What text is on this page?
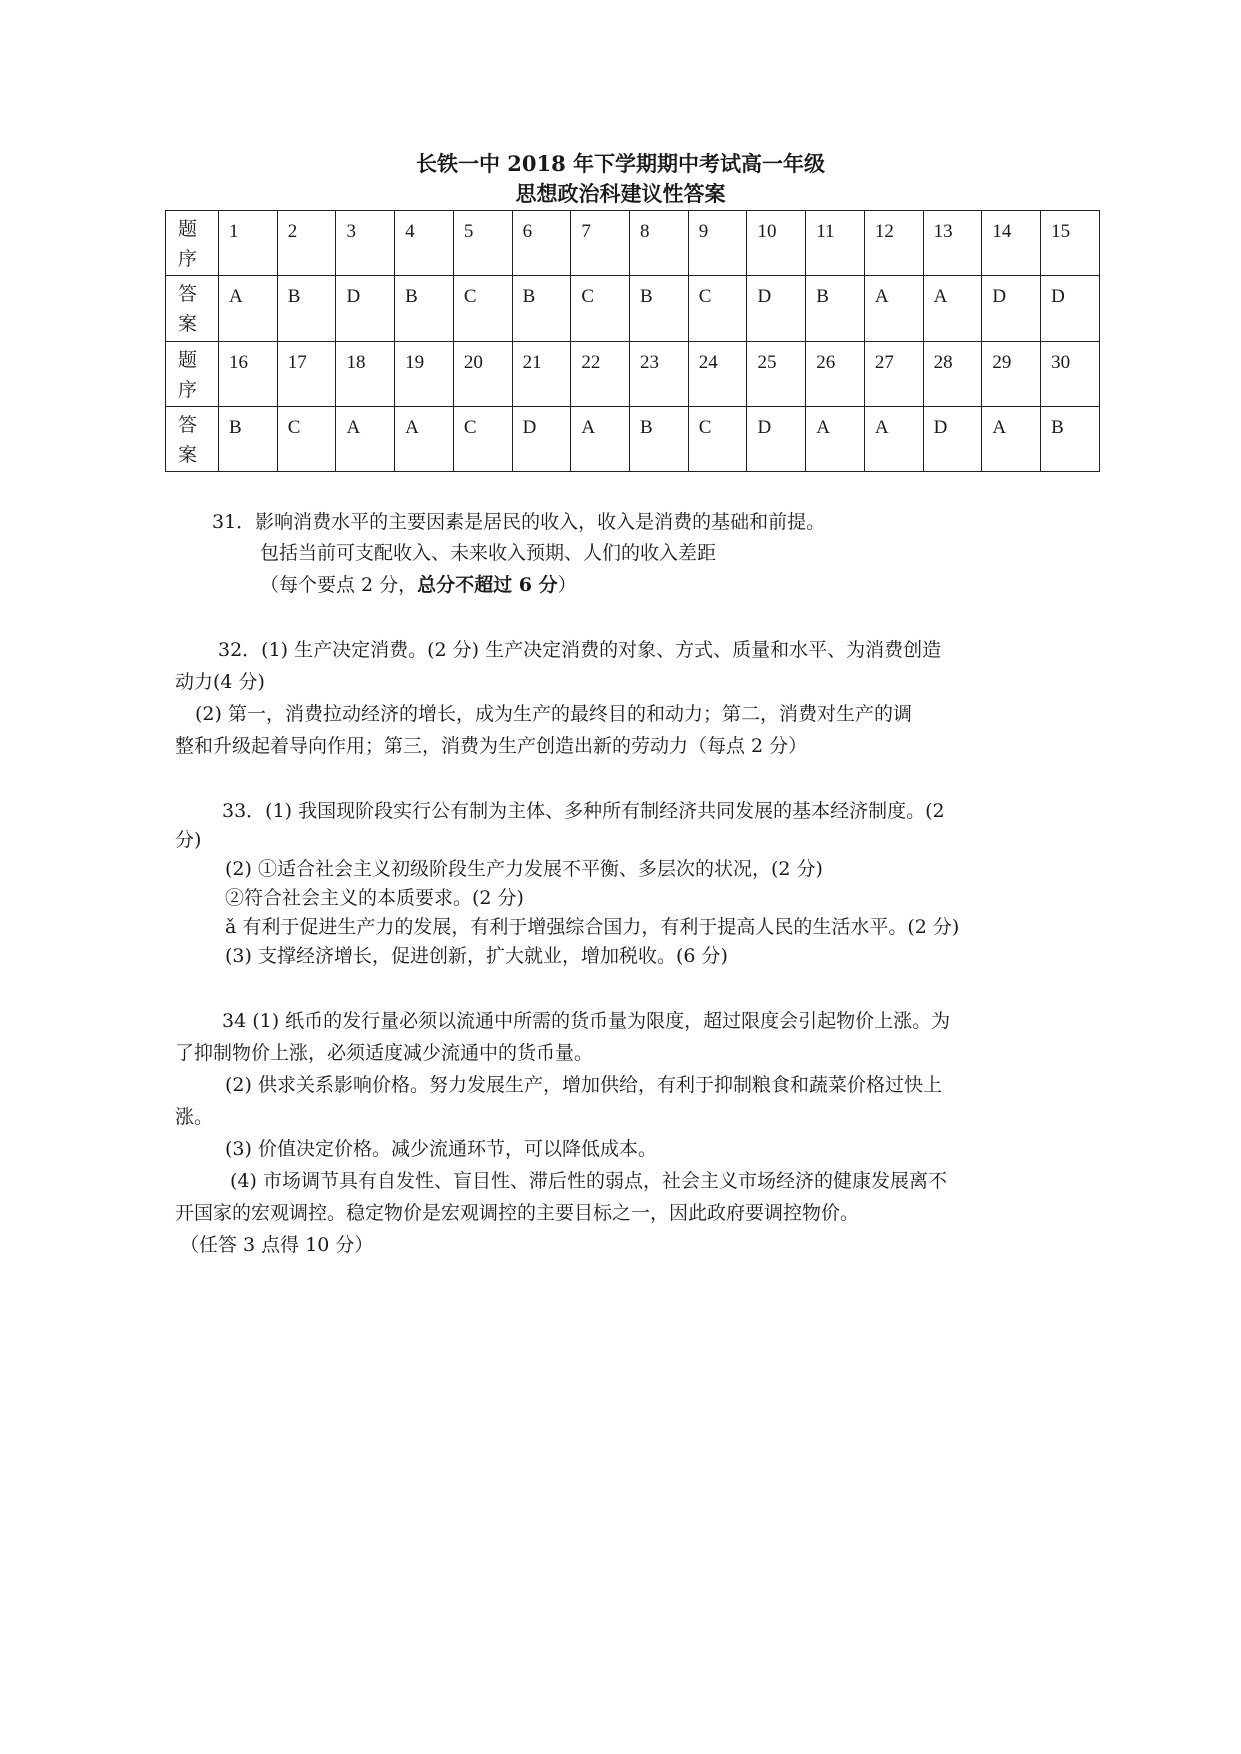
长铁一中 2018 年下学期期中考试高一年级
思想政治科建议性答案
题
序	1	2	3	4	5	6	7	8	9	10	11	12	13	14	15

答
案	A	B	D	B	C	B	C	B	C	D	B	A	A	D	D

题
序	16	17	18	19	20	21	22	23	24	25	26	27	28	29	30

答
案	B	C	A	A	C	D	A	B	C	D	A	A	D	A	B
31．影响消费水平的主要因素是居民的收入，收入是消费的基础和前提。
包括当前可支配收入、未来收入预期、人们的收入差距
（每个要点 2 分，总分不超过 6 分）
32．(1) 生产决定消费。(2 分) 生产决定消费的对象、方式、质量和水平、为消费创造
动力(4 分)
(2) 第一，消费拉动经济的增长，成为生产的最终目的和动力；第二，消费对生产的调
整和升级起着导向作用；第三，消费为生产创造出新的劳动力（每点 2 分）
33．(1) 我国现阶段实行公有制为主体、多种所有制经济共同发展的基本经济制度。(2
分)
(2) ①适合社会主义初级阶段生产力发展不平衡、多层次的状况，(2 分)
②符合社会主义的本质要求。(2 分)
ǎ 有利于促进生产力的发展，有利于增强综合国力，有利于提高人民的生活水平。(2 分)
(3) 支撑经济增长，促进创新，扩大就业，增加税收。(6 分)
34 (1) 纸币的发行量必须以流通中所需的货币量为限度，超过限度会引起物价上涨。为
了抑制物价上涨，必须适度减少流通中的货币量。
(2) 供求关系影响价格。努力发展生产，增加供给，有利于抑制粮食和蔬菜价格过快上
涨。
(3) 价值决定价格。减少流通环节，可以降低成本。
(4) 市场调节具有自发性、盲目性、滞后性的弱点，社会主义市场经济的健康发展离不
开国家的宏观调控。稳定物价是宏观调控的主要目标之一，因此政府要调控物价。
（任答 3 点得 10 分）
